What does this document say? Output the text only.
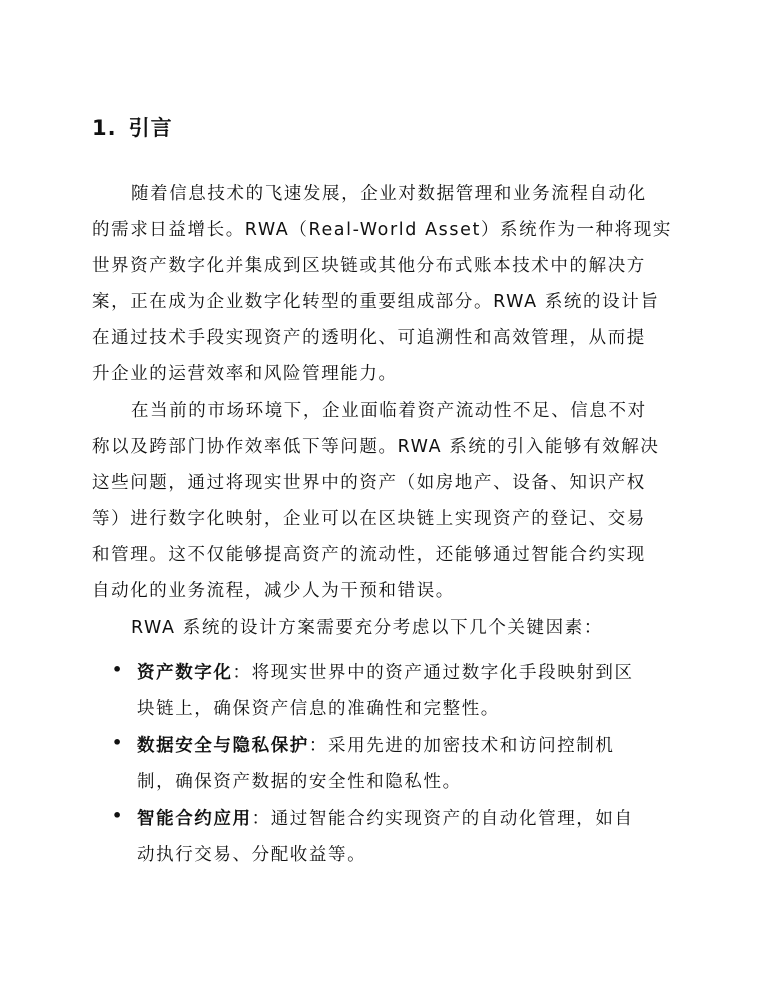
1. 引言
随着信息技术的飞速发展，企业对数据管理和业务流程自动化
的需求日益增长。RWA（Real-World Asset）系统作为一种将现实
世界资产数字化并集成到区块链或其他分布式账本技术中的解决方
案，正在成为企业数字化转型的重要组成部分。RWA 系统的设计旨
在通过技术手段实现资产的透明化、可追溯性和高效管理，从而提
升企业的运营效率和风险管理能力。
在当前的市场环境下，企业面临着资产流动性不足、信息不对
称以及跨部门协作效率低下等问题。RWA 系统的引入能够有效解决
这些问题，通过将现实世界中的资产（如房地产、设备、知识产权
等）进行数字化映射，企业可以在区块链上实现资产的登记、交易
和管理。这不仅能够提高资产的流动性，还能够通过智能合约实现
自动化的业务流程，减少人为干预和错误。
RWA 系统的设计方案需要充分考虑以下几个关键因素：
• 资产数字化：将现实世界中的资产通过数字化手段映射到区
块链上，确保资产信息的准确性和完整性。
• 数据安全与隐私保护：采用先进的加密技术和访问控制机
制，确保资产数据的安全性和隐私性。
• 智能合约应用：通过智能合约实现资产的自动化管理，如自
动执行交易、分配收益等。
